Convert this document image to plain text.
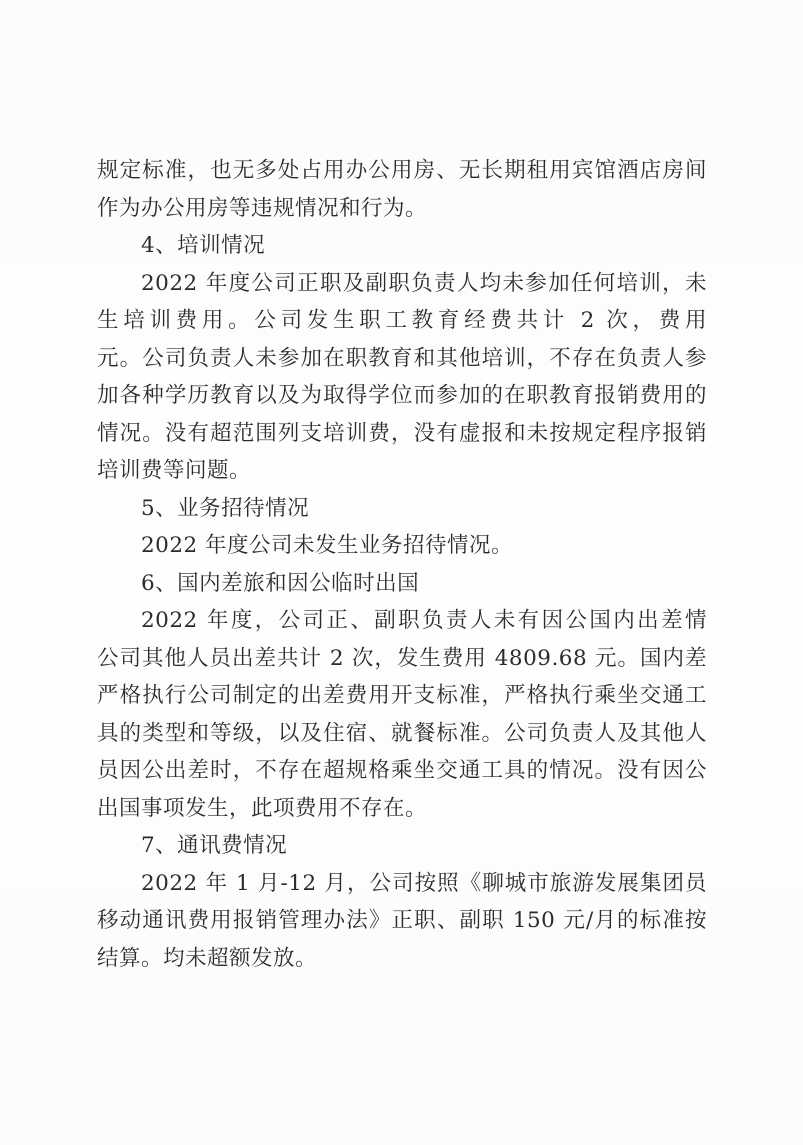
规定标准，也无多处占用办公用房、无长期租用宾馆酒店房间
作为办公用房等违规情况和行为。
4、培训情况
2022 年度公司正职及副职负责人均未参加任何培训，未
生培训费用。公司发生职工教育经费共计 2 次，费用
元。公司负责人未参加在职教育和其他培训，不存在负责人参
加各种学历教育以及为取得学位而参加的在职教育报销费用的
情况。没有超范围列支培训费，没有虚报和未按规定程序报销
培训费等问题。
5、业务招待情况
2022 年度公司未发生业务招待情况。
6、国内差旅和因公临时出国
2022 年度，公司正、副职负责人未有因公国内出差情
公司其他人员出差共计 2 次，发生费用 4809.68 元。国内差
严格执行公司制定的出差费用开支标准，严格执行乘坐交通工
具的类型和等级，以及住宿、就餐标准。公司负责人及其他人
员因公出差时，不存在超规格乘坐交通工具的情况。没有因公
出国事项发生，此项费用不存在。
7、通讯费情况
2022 年 1 月-12 月，公司按照《聊城市旅游发展集团员
移动通讯费用报销管理办法》正职、副职 150 元/月的标准按
结算。均未超额发放。
